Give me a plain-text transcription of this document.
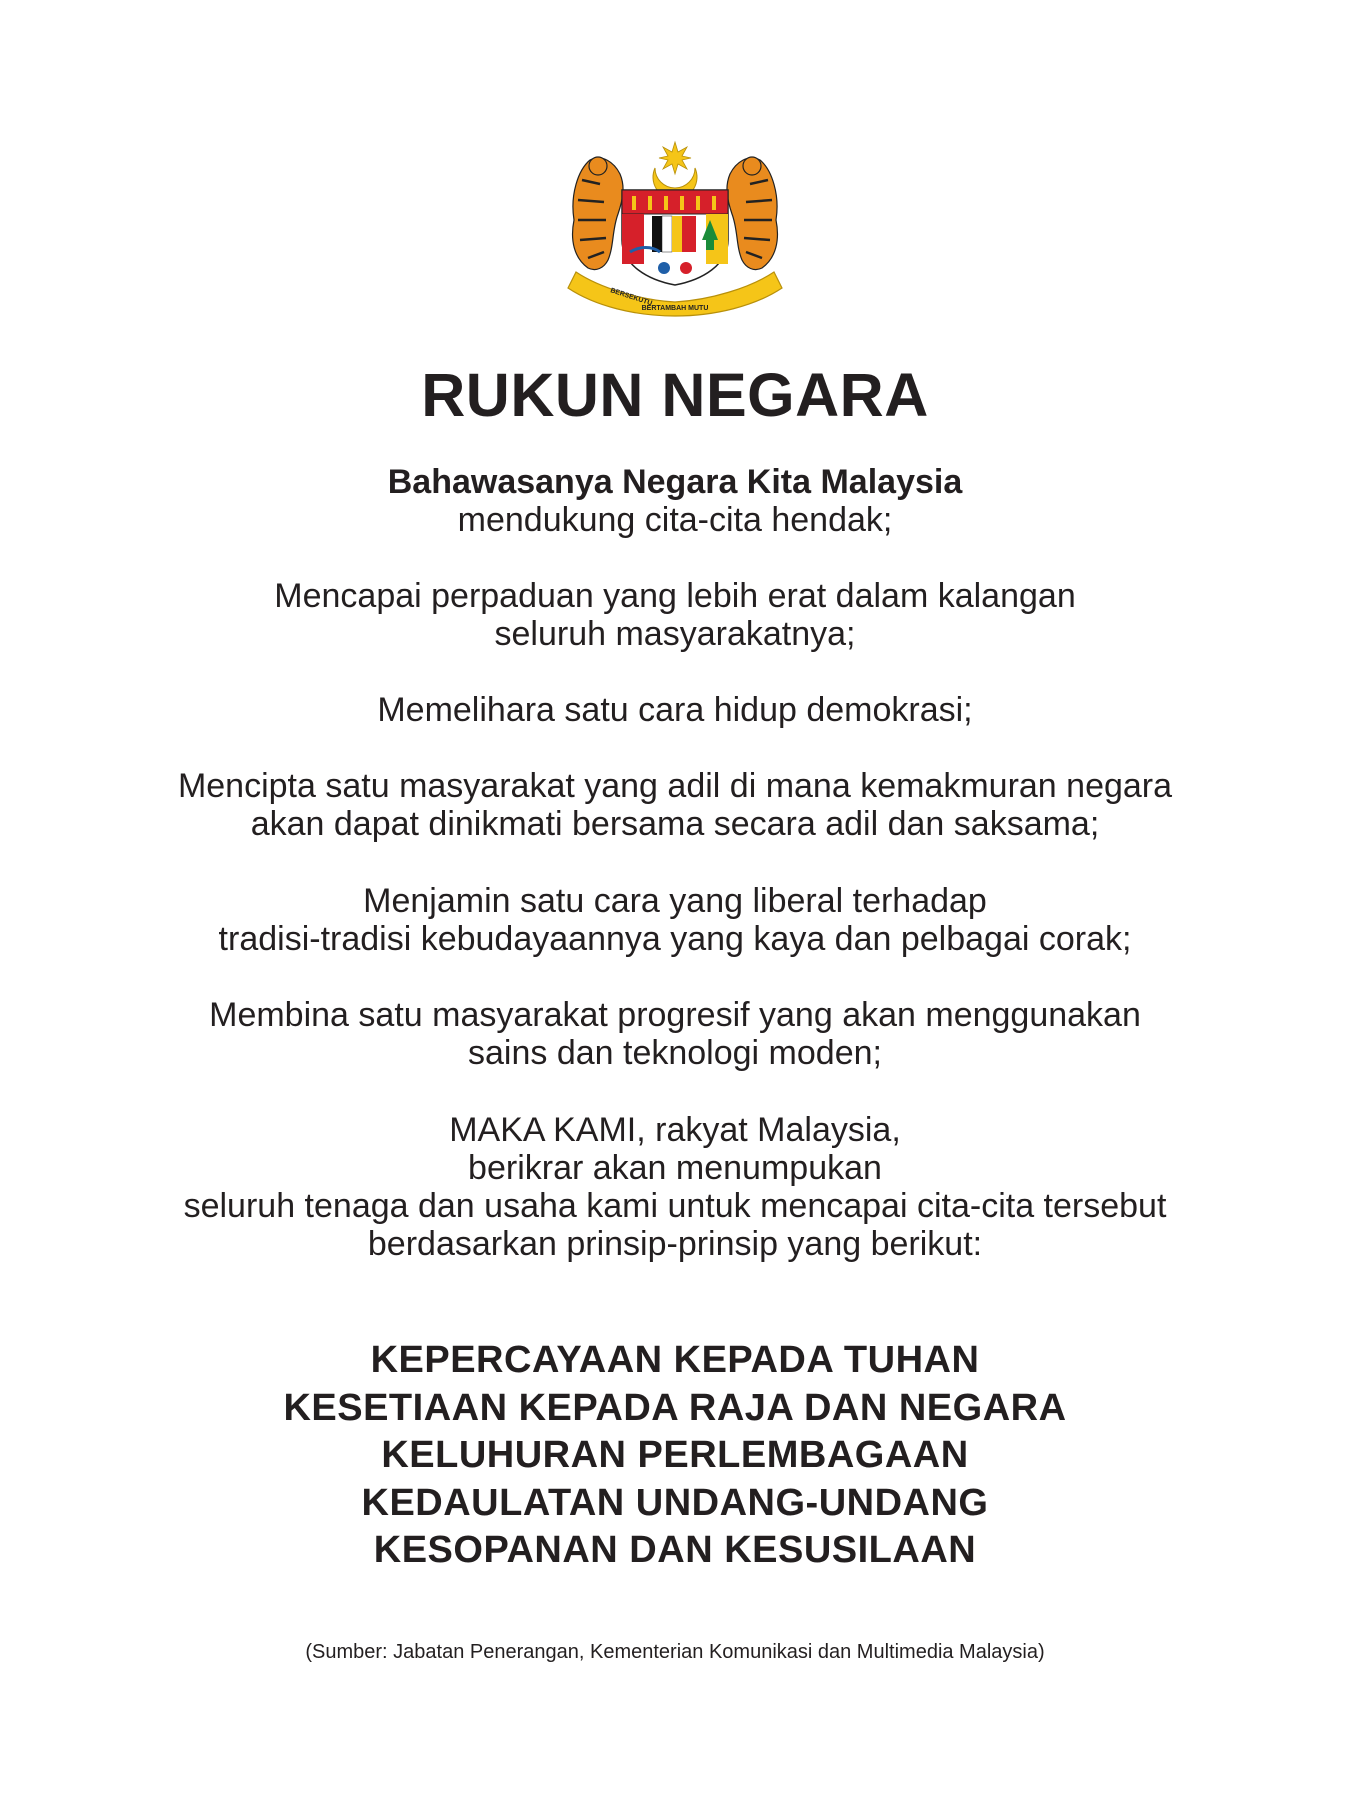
BERSEKUTU
BERTAMBAH MUTU
RUKUN NEGARA
Bahawasanya Negara Kita Malaysia
mendukung cita-cita hendak;
Mencapai perpaduan yang lebih erat dalam kalangan
seluruh masyarakatnya;
Memelihara satu cara hidup demokrasi;
Mencipta satu masyarakat yang adil di mana kemakmuran negara
akan dapat dinikmati bersama secara adil dan saksama;
Menjamin satu cara yang liberal terhadap
tradisi-tradisi kebudayaannya yang kaya dan pelbagai corak;
Membina satu masyarakat progresif yang akan menggunakan
sains dan teknologi moden;
MAKA KAMI, rakyat Malaysia,
berikrar akan menumpukan
seluruh tenaga dan usaha kami untuk mencapai cita-cita tersebut
berdasarkan prinsip-prinsip yang berikut:
KEPERCAYAAN KEPADA TUHAN
KESETIAAN KEPADA RAJA DAN NEGARA
KELUHURAN PERLEMBAGAAN
KEDAULATAN UNDANG-UNDANG
KESOPANAN DAN KESUSILAAN
(Sumber: Jabatan Penerangan, Kementerian Komunikasi dan Multimedia Malaysia)
